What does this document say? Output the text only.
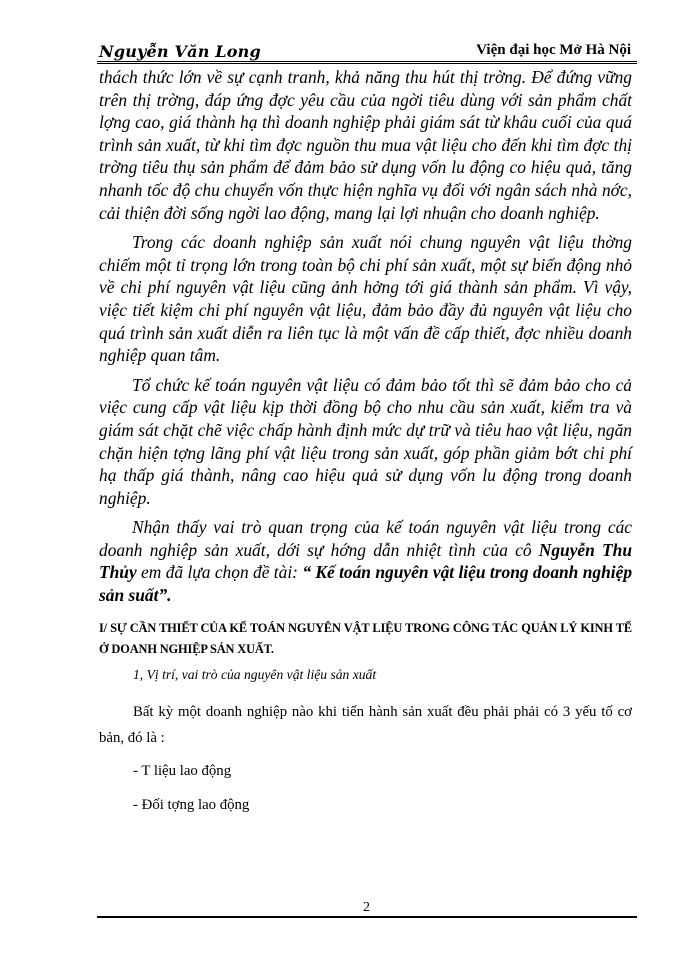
Nguyễn Văn Long	Viện đại học Mở Hà Nội

thách thức lớn về sự cạnh tranh, khả năng thu hút thị trờng. Để đứng vững trên thị trờng, đáp ứng đợc yêu cầu của ngời tiêu dùng với sản phẩm chất lợng cao, giá thành hạ thì doanh nghiệp phải giám sát từ khâu cuối của quá trình sản xuất, từ khi tìm đợc nguồn thu mua vật liệu cho đến khi tìm đợc thị trờng tiêu thụ sản phẩm để đảm bảo sử dụng vốn lu động co hiệu quả, tăng nhanh tốc độ chu chuyển vốn thực hiện nghĩa vụ đối với ngân sách nhà nớc, cải thiện đời sống ngời lao động, mang lại lợi nhuận cho doanh nghiệp.

Trong các doanh nghiệp sản xuất nói chung nguyên vật liệu thờng chiếm một tỉ trọng lớn trong toàn bộ chi phí sản xuất, một sự biến động nhỏ về chi phí nguyên vật liệu cũng ảnh hởng tới giá thành sản phẩm. Vì vậy, việc tiết kiệm chi phí nguyên vật liệu, đảm bảo đầy đủ nguyên vật liệu cho quá trình sản xuất diễn ra liên tục là một vấn đề cấp thiết, đợc nhiều doanh nghiệp quan tâm.

Tổ chức kế toán nguyên vật liệu có đảm bảo tốt thì sẽ đảm bảo cho cả việc cung cấp vật liệu kịp thời đồng bộ cho nhu cầu sản xuất, kiểm tra và giám sát chặt chẽ việc chấp hành định mức dự trữ và tiêu hao vật liệu, ngăn chặn hiện tợng lãng phí vật liệu trong sản xuất, góp phần giảm bớt chi phí hạ thấp giá thành, nâng cao hiệu quả sử dụng vốn lu động trong doanh nghiệp.

Nhận thấy vai trò quan trọng của kế toán nguyên vật liệu trong các doanh nghiệp sản xuất, dới sự hớng dẫn nhiệt tình của cô Nguyễn Thu Thủy em đã lựa chọn đề tài: “ Kế toán nguyên vật liệu trong doanh nghiệp sản suất”.

I/ SỰ CẦN THIẾT CỦA KẾ TOÁN NGUYÊN VẬT LIỆU TRONG CÔNG TÁC QUẢN LÝ KINH TẾ Ở DOANH NGHIỆP SẢN XUẤT.
1, Vị trí, vai trò của nguyên vật liệu sản xuất

Bất kỳ một doanh nghiệp nào khi tiến hành sản xuất đều phải phải có 3 yếu tố cơ bản, đó là :

- T liệu lao động

- Đối tợng lao động

2
